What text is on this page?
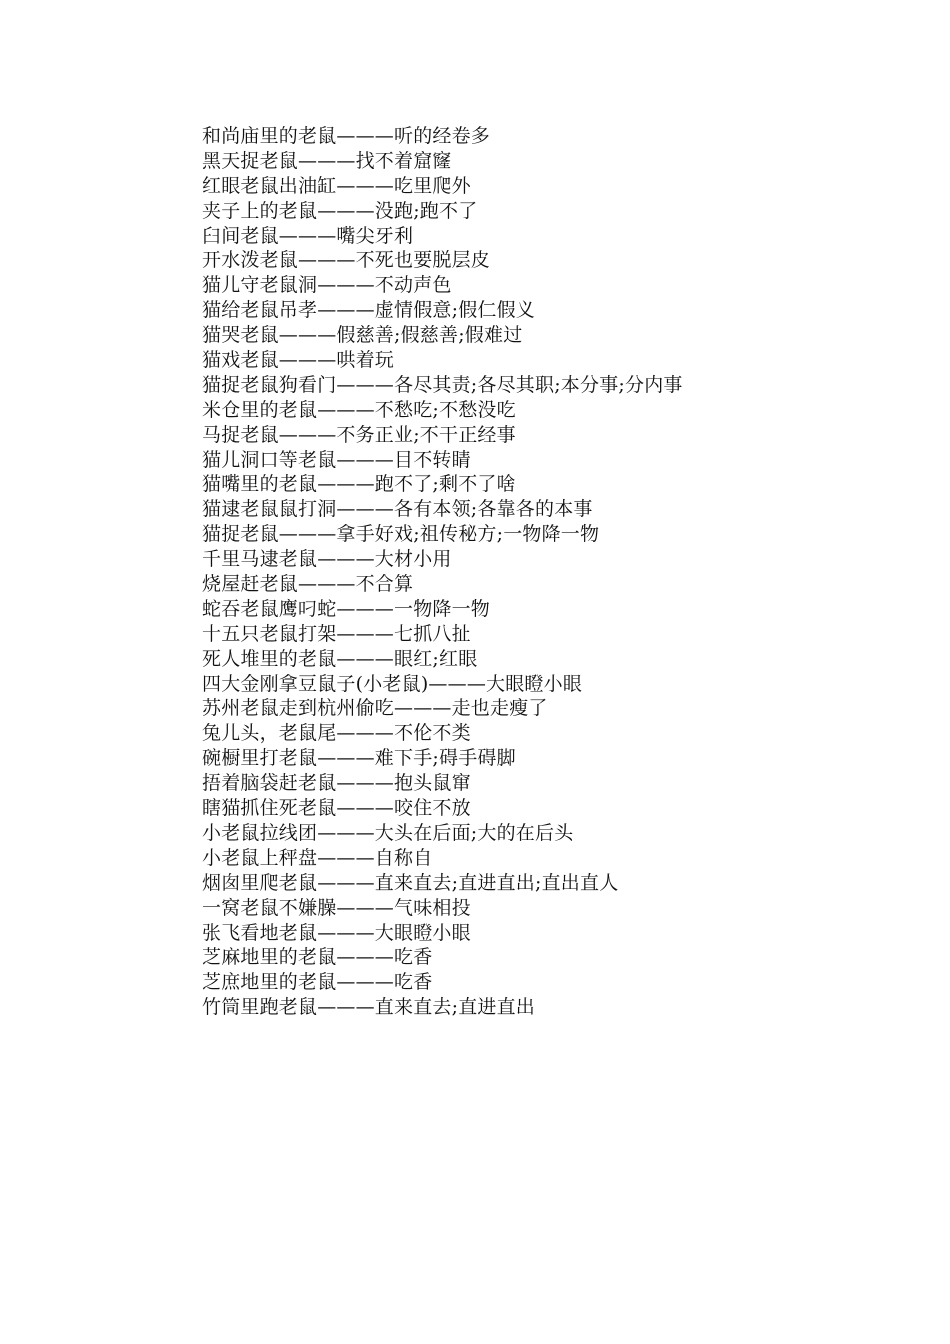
和尚庙里的老鼠———听的经卷多
黑天捉老鼠———找不着窟窿
红眼老鼠出油缸———吃里爬外
夹子上的老鼠———没跑;跑不了
臼间老鼠———嘴尖牙利
开水泼老鼠———不死也要脱层皮
猫儿守老鼠洞———不动声色
猫给老鼠吊孝———虚情假意;假仁假义
猫哭老鼠———假慈善;假慈善;假难过
猫戏老鼠———哄着玩
猫捉老鼠狗看门———各尽其责;各尽其职;本分事;分内事
米仓里的老鼠———不愁吃;不愁没吃
马捉老鼠———不务正业;不干正经事
猫儿洞口等老鼠———目不转睛
猫嘴里的老鼠———跑不了;剩不了啥
猫逮老鼠鼠打洞———各有本领;各靠各的本事
猫捉老鼠———拿手好戏;祖传秘方;一物降一物
千里马逮老鼠———大材小用
烧屋赶老鼠———不合算
蛇吞老鼠鹰叼蛇———一物降一物
十五只老鼠打架———七抓八扯
死人堆里的老鼠———眼红;红眼
四大金刚拿豆鼠子(小老鼠)———大眼瞪小眼
苏州老鼠走到杭州偷吃———走也走瘦了
兔儿头，老鼠尾———不伦不类
碗橱里打老鼠———难下手;碍手碍脚
捂着脑袋赶老鼠———抱头鼠窜
瞎猫抓住死老鼠———咬住不放
小老鼠拉线团———大头在后面;大的在后头
小老鼠上秤盘———自称自
烟囱里爬老鼠———直来直去;直进直出;直出直人
一窝老鼠不嫌臊———气味相投
张飞看地老鼠———大眼瞪小眼
芝麻地里的老鼠———吃香
芝庶地里的老鼠———吃香
竹筒里跑老鼠———直来直去;直进直出
